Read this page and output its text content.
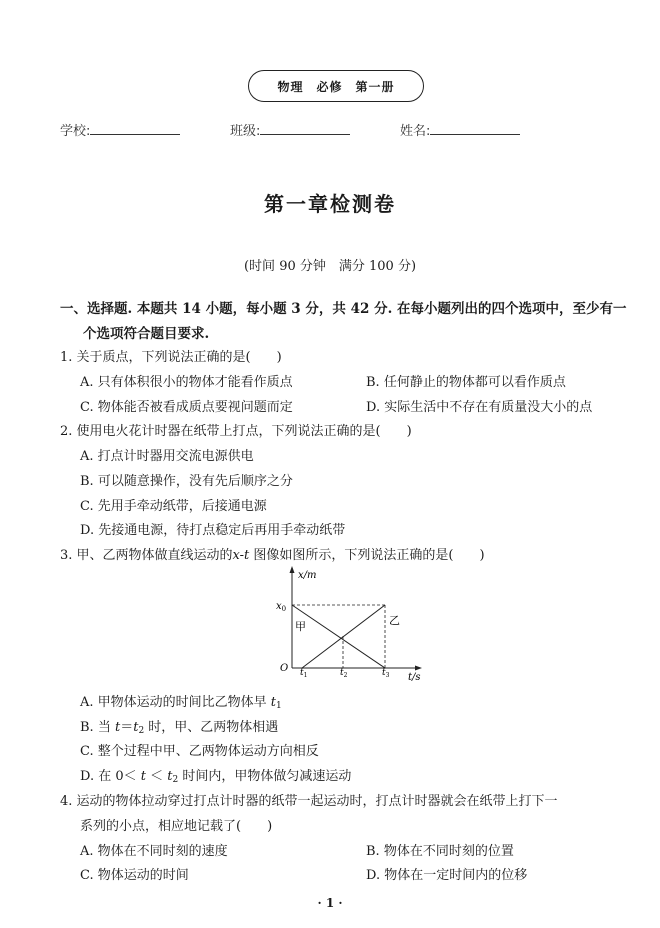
物理　必修　第一册
学校:	班级:	姓名:
第一章检测卷
(时间 90 分钟　满分 100 分)
一、选择题. 本题共 14 小题，每小题 3 分，共 42 分. 在每小题列出的四个选项中，至少有一
个选项符合题目要求.
1. 关于质点，下列说法正确的是(　　)
A. 只有体积很小的物体才能看作质点	B. 任何静止的物体都可以看作质点
C. 物体能否被看成质点要视问题而定	D. 实际生活中不存在有质量没大小的点
2. 使用电火花计时器在纸带上打点，下列说法正确的是(　　)
A. 打点计时器用交流电源供电
B. 可以随意操作，没有先后顺序之分
C. 先用手牵动纸带，后接通电源
D. 先接通电源，待打点稳定后再用手牵动纸带
3. 甲、乙两物体做直线运动的x-t 图像如图所示，下列说法正确的是(　　)
x/m
$x_0$
甲	乙
O $t_1$	$t_2$	$t_3$ t/s
A. 甲物体运动的时间比乙物体早 $t_1$
B. 当 $t=t_2$ 时，甲、乙两物体相遇
C. 整个过程中甲、乙两物体运动方向相反
D. 在 $0< t < t_2$ 时间内，甲物体做匀减速运动
4. 运动的物体拉动穿过打点计时器的纸带一起运动时，打点计时器就会在纸带上打下一
系列的小点，相应地记载了(　　)
A. 物体在不同时刻的速度	B. 物体在不同时刻的位置
C. 物体运动的时间	D. 物体在一定时间内的位移
· 1 ·
